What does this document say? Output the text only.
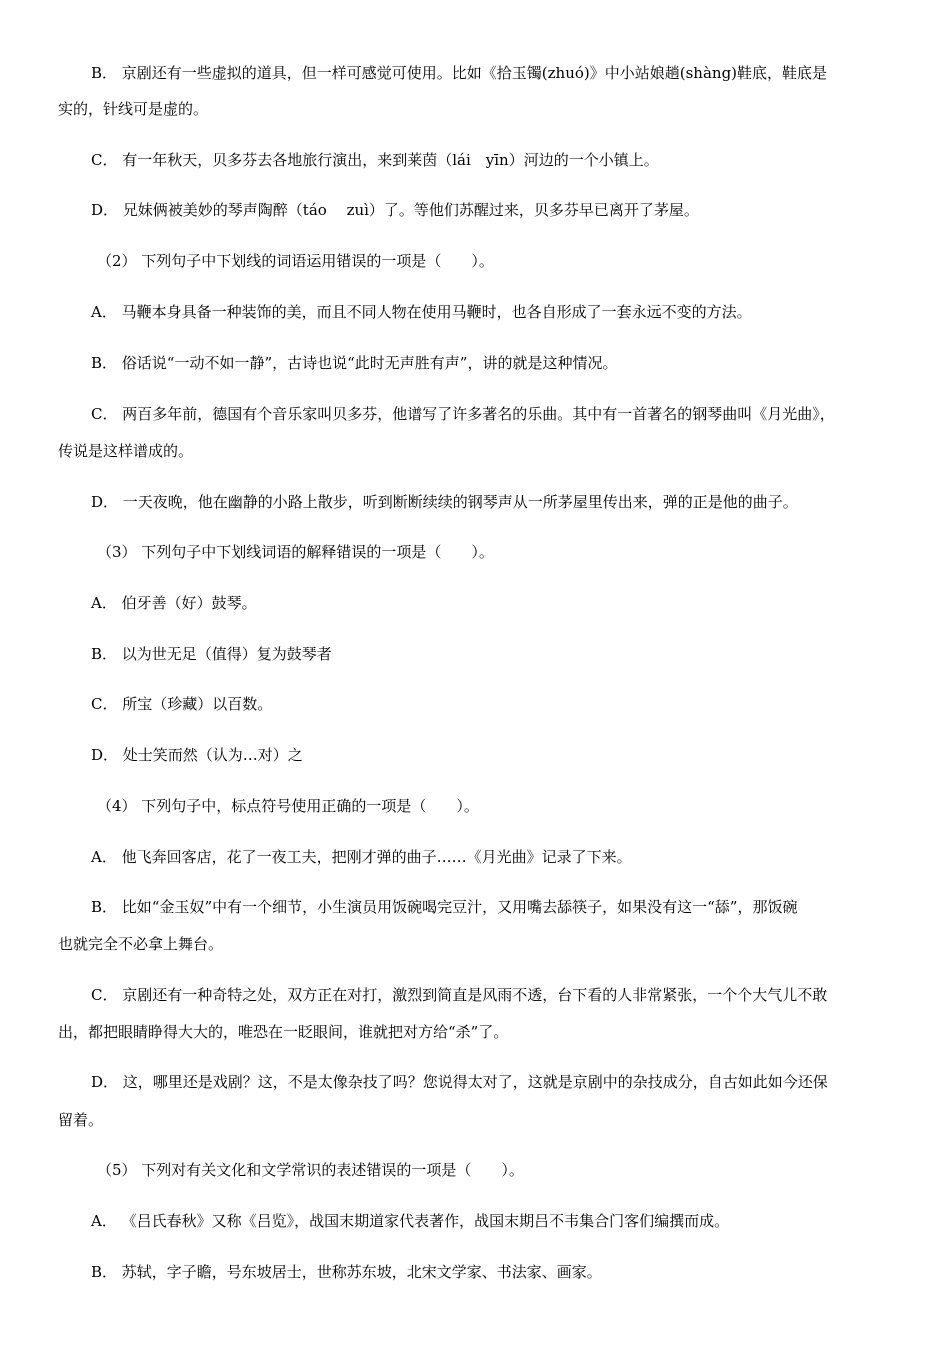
B． 京剧还有一些虚拟的道具，但一样可感觉可使用。比如《拾玉镯(zhuó)》中小站娘趟(shàng)鞋底，鞋底是
实的，针线可是虚的。
C． 有一年秋天，贝多芬去各地旅行演出，来到莱茵（lái　yīn）河边的一个小镇上。
D． 兄妹俩被美妙的琴声陶醉（táo　 zuì）了。等他们苏醒过来，贝多芬早已离开了茅屋。
（2） 下列句子中下划线的词语运用错误的一项是（　　）。
A． 马鞭本身具备一种装饰的美，而且不同人物在使用马鞭时，也各自形成了一套永远不变的方法。
B． 俗话说“一动不如一静”，古诗也说“此时无声胜有声”，讲的就是这种情况。
C． 两百多年前，德国有个音乐家叫贝多芬，他谱写了许多著名的乐曲。其中有一首著名的钢琴曲叫《月光曲》，
传说是这样谱成的。
D． 一天夜晚，他在幽静的小路上散步，听到断断续续的钢琴声从一所茅屋里传出来，弹的正是他的曲子。
（3） 下列句子中下划线词语的解释错误的一项是（　　）。
A． 伯牙善（好）鼓琴。
B． 以为世无足（值得）复为鼓琴者
C． 所宝（珍藏）以百数。
D． 处士笑而然（认为…对）之
（4） 下列句子中，标点符号使用正确的一项是（　　）。
A． 他飞奔回客店，花了一夜工夫，把刚才弹的曲子……《月光曲》记录了下来。
B． 比如“金玉奴”中有一个细节，小生演员用饭碗喝完豆汁，又用嘴去舔筷子，如果没有这一“舔”，那饭碗
也就完全不必拿上舞台。
C． 京剧还有一种奇特之处，双方正在对打，激烈到简直是风雨不透，台下看的人非常紧张，一个个大气儿不敢
出，都把眼睛睁得大大的，唯恐在一眨眼间，谁就把对方给“杀”了。
D． 这，哪里还是戏剧？这，不是太像杂技了吗？您说得太对了，这就是京剧中的杂技成分，自古如此如今还保
留着。
（5） 下列对有关文化和文学常识的表述错误的一项是（　　）。
A． 《吕氏春秋》又称《吕览》，战国末期道家代表著作，战国末期吕不韦集合门客们编撰而成。
B． 苏轼，字子瞻，号东坡居士，世称苏东坡，北宋文学家、书法家、画家。
